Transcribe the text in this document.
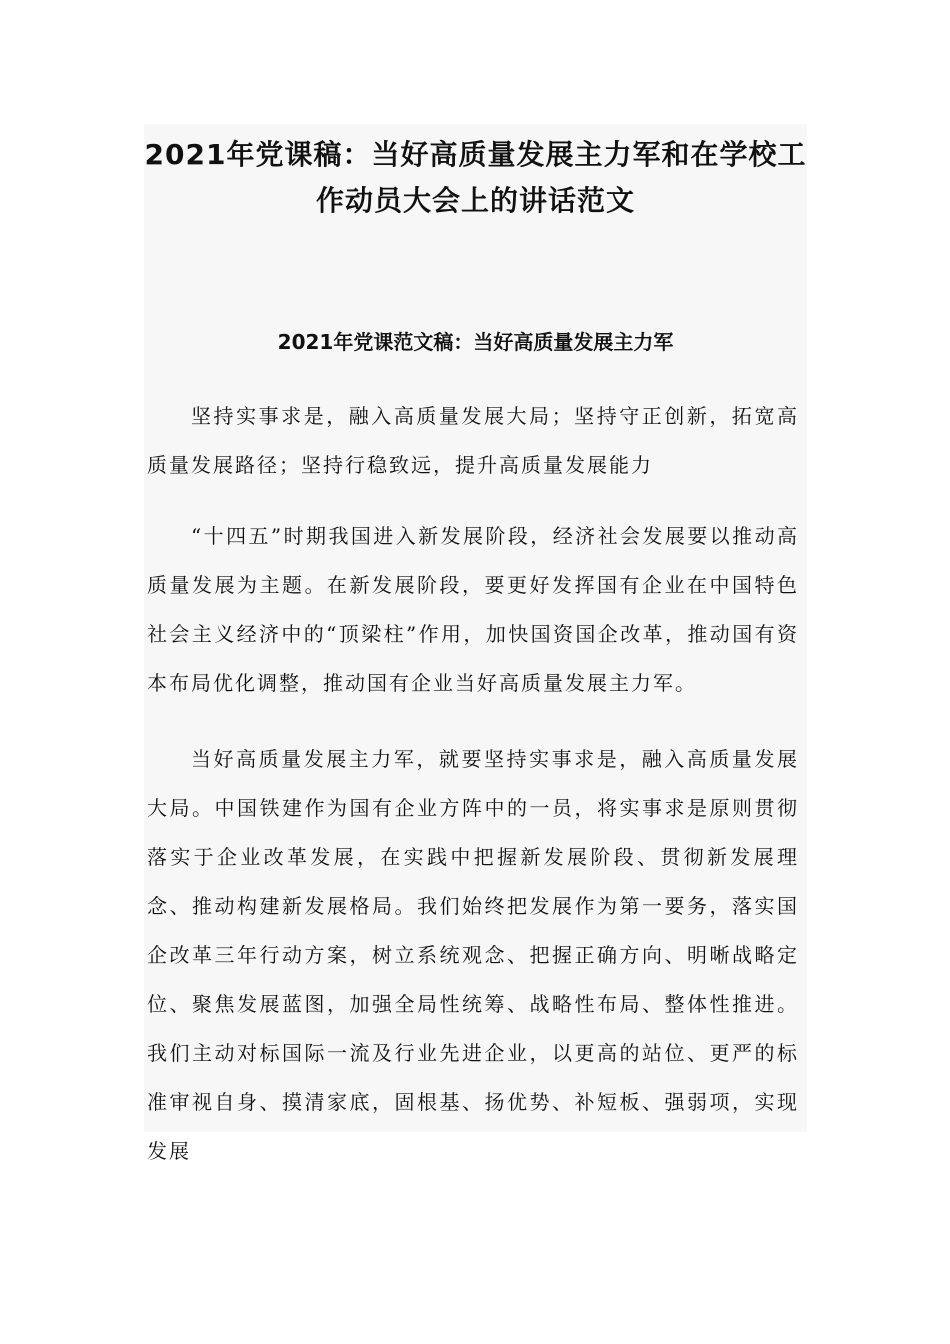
2021年党课稿：当好高质量发展主力军和在学校工作动员大会上的讲话范文
2021年党课范文稿：当好高质量发展主力军

坚持实事求是，融入高质量发展大局；坚持守正创新，拓宽高质量发展路径；坚持行稳致远，提升高质量发展能力

“十四五”时期我国进入新发展阶段，经济社会发展要以推动高质量发展为主题。在新发展阶段，要更好发挥国有企业在中国特色社会主义经济中的“顶梁柱”作用，加快国资国企改革，推动国有资本布局优化调整，推动国有企业当好高质量发展主力军。

当好高质量发展主力军，就要坚持实事求是，融入高质量发展大局。中国铁建作为国有企业方阵中的一员，将实事求是原则贯彻落实于企业改革发展，在实践中把握新发展阶段、贯彻新发展理念、推动构建新发展格局。我们始终把发展作为第一要务，落实国企改革三年行动方案，树立系统观念、把握正确方向、明晰战略定位、聚焦发展蓝图，加强全局性统筹、战略性布局、整体性推进。我们主动对标国际一流及行业先进企业，以更高的站位、更严的标准审视自身、摸清家底，固根基、扬优势、补短板、强弱项，实现发展
